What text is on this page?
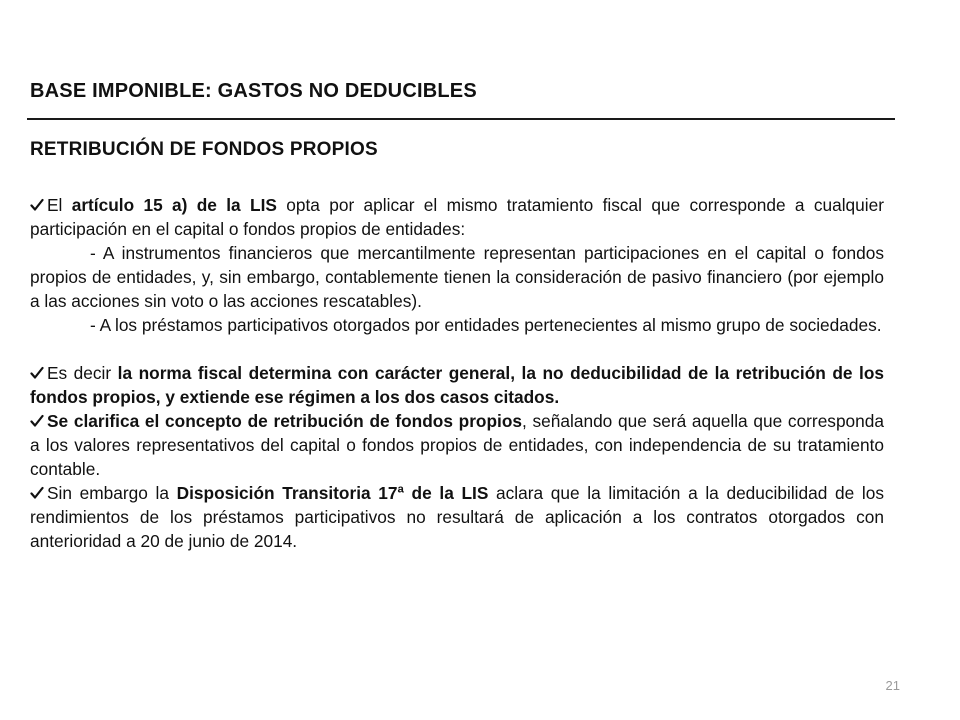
BASE IMPONIBLE: GASTOS NO DEDUCIBLES
RETRIBUCIÓN DE FONDOS PROPIOS

El artículo 15 a) de la LIS opta por aplicar el mismo tratamiento fiscal que corresponde a cualquier participación en el capital o fondos propios de entidades:

- A instrumentos financieros que mercantilmente representan participaciones en el capital o fondos propios de entidades, y, sin embargo, contablemente tienen la consideración de pasivo financiero (por ejemplo a las acciones sin voto o las acciones rescatables).

- A los préstamos participativos otorgados por entidades pertenecientes al mismo grupo de sociedades.

Es decir la norma fiscal determina con carácter general, la no deducibilidad de la retribución de los fondos propios, y extiende ese régimen a los dos casos citados.

Se clarifica el concepto de retribución de fondos propios, señalando que será aquella que corresponda a los valores representativos del capital o fondos propios de entidades, con independencia de su tratamiento contable.

Sin embargo la Disposición Transitoria 17ª de la LIS aclara que la limitación a la deducibilidad de los rendimientos de los préstamos participativos no resultará de aplicación a los contratos otorgados con anterioridad a 20 de junio de 2014.

21
